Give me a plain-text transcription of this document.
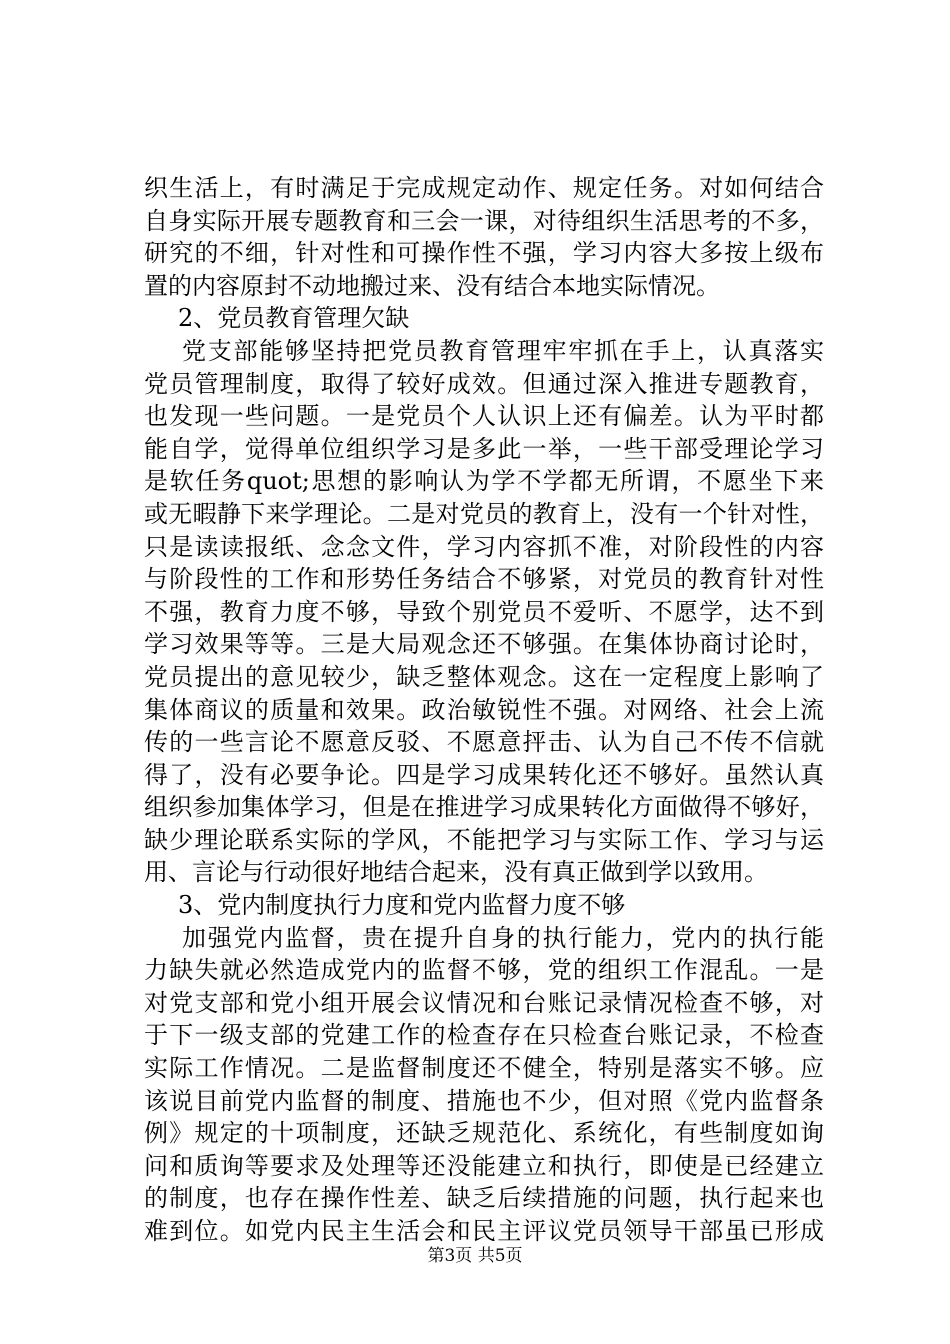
织生活上，有时满足于完成规定动作、规定任务。对如何结合
自身实际开展专题教育和三会一课，对待组织生活思考的不多，
研究的不细，针对性和可操作性不强，学习内容大多按上级布
置的内容原封不动地搬过来、没有结合本地实际情况。
2、党员教育管理欠缺
党支部能够坚持把党员教育管理牢牢抓在手上，认真落实
党员管理制度，取得了较好成效。但通过深入推进专题教育，
也发现一些问题。一是党员个人认识上还有偏差。认为平时都
能自学，觉得单位组织学习是多此一举，一些干部受理论学习
是软任务quot;思想的影响认为学不学都无所谓，不愿坐下来
或无暇静下来学理论。二是对党员的教育上，没有一个针对性，
只是读读报纸、念念文件，学习内容抓不准，对阶段性的内容
与阶段性的工作和形势任务结合不够紧，对党员的教育针对性
不强，教育力度不够，导致个别党员不爱听、不愿学，达不到
学习效果等等。三是大局观念还不够强。在集体协商讨论时，
党员提出的意见较少，缺乏整体观念。这在一定程度上影响了
集体商议的质量和效果。政治敏锐性不强。对网络、社会上流
传的一些言论不愿意反驳、不愿意抨击、认为自己不传不信就
得了，没有必要争论。四是学习成果转化还不够好。虽然认真
组织参加集体学习，但是在推进学习成果转化方面做得不够好，
缺少理论联系实际的学风，不能把学习与实际工作、学习与运
用、言论与行动很好地结合起来，没有真正做到学以致用。
3、党内制度执行力度和党内监督力度不够
加强党内监督，贵在提升自身的执行能力，党内的执行能
力缺失就必然造成党内的监督不够，党的组织工作混乱。一是
对党支部和党小组开展会议情况和台账记录情况检查不够，对
于下一级支部的党建工作的检查存在只检查台账记录，不检查
实际工作情况。二是监督制度还不健全，特别是落实不够。应
该说目前党内监督的制度、措施也不少，但对照《党内监督条
例》规定的十项制度，还缺乏规范化、系统化，有些制度如询
问和质询等要求及处理等还没能建立和执行，即使是已经建立
的制度，也存在操作性差、缺乏后续措施的问题，执行起来也
难到位。如党内民主生活会和民主评议党员领导干部虽已形成
第3页 共5页
